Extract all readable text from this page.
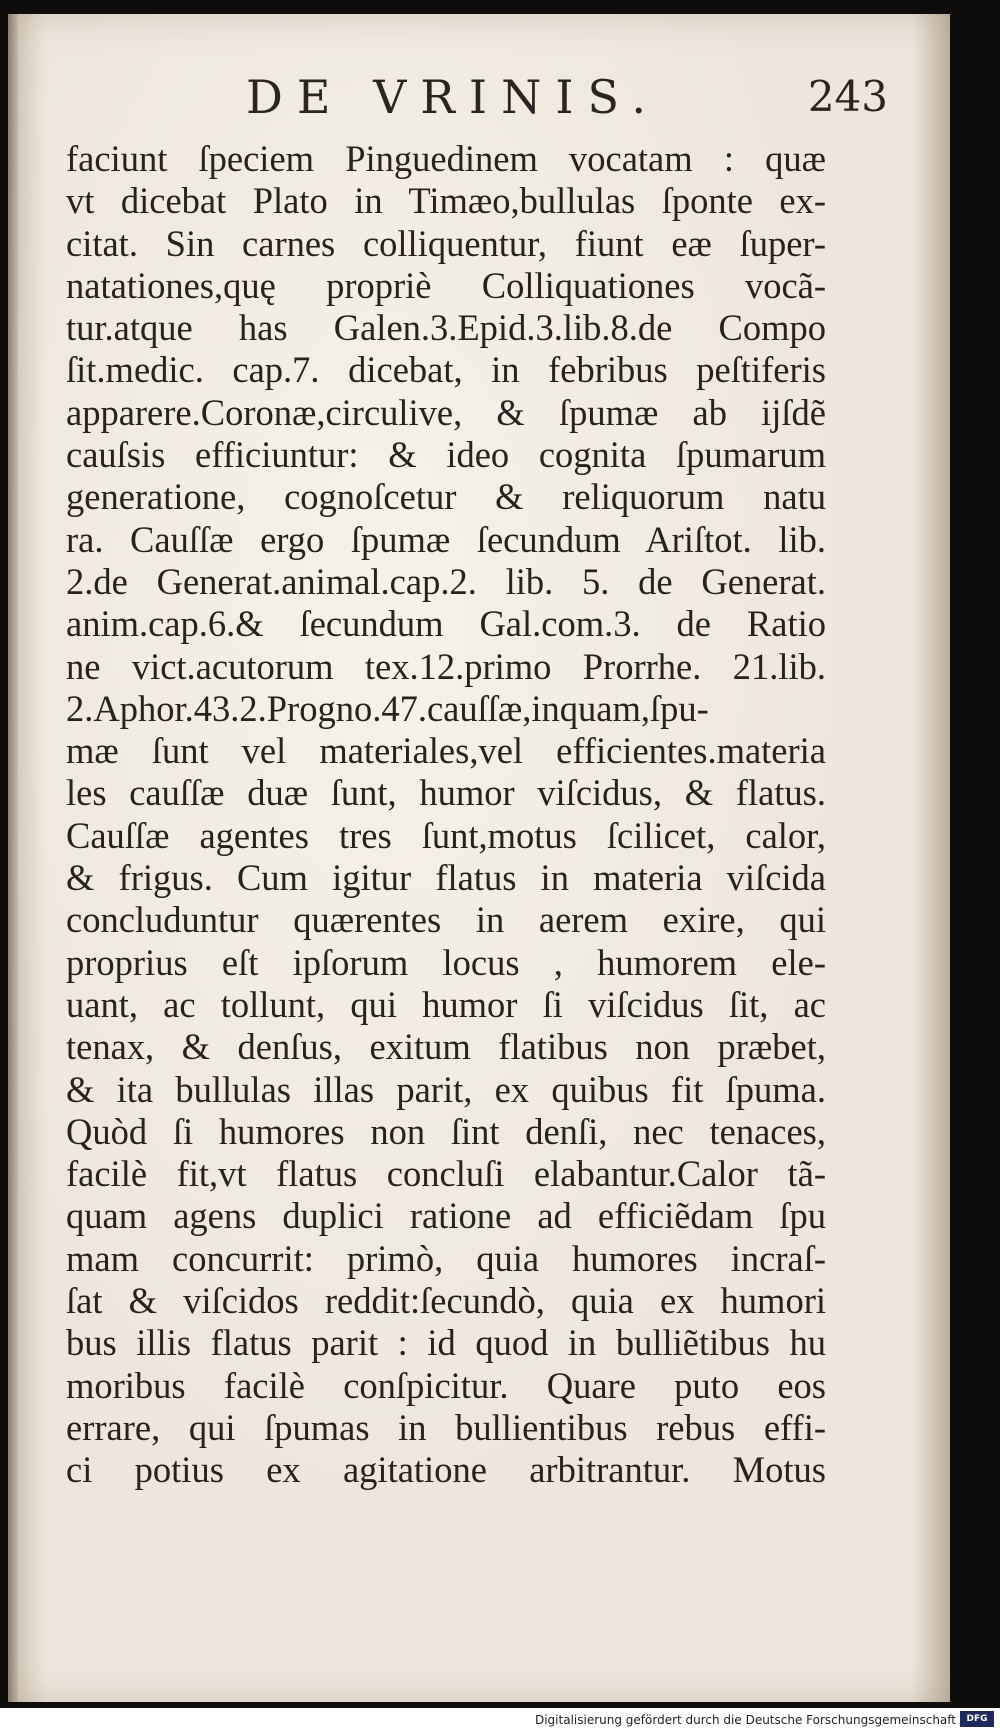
DE VRINIS.	243
faciunt ſpeciem Pinguedinem vocatam : quæ
vt dicebat Plato in Timæo,bullulas ſponte ex-
citat. Sin carnes colliquentur, fiunt eæ ſuper-
natationes,quę propriè Colliquationes vocã-
tur.atque has Galen.3.Epid.3.lib.8.de Compo
ſit.medic. cap.7. dicebat, in febribus peſtiferis
apparere.Coronæ,circulive, & ſpumæ ab ijſdẽ
cauſsis efficiuntur: & ideo cognita ſpumarum
generatione, cognoſcetur & reliquorum natu
ra. Cauſſæ ergo ſpumæ ſecundum Ariſtot. lib.
2.de Generat.animal.cap.2. lib. 5. de Generat.
anim.cap.6.& ſecundum Gal.com.3. de Ratio
ne vict.acutorum tex.12.primo Prorrhe. 21.lib.
2.Aphor.43.2.Progno.47.cauſſæ,inquam,ſpu-
mæ ſunt vel materiales,vel efficientes.materia
les cauſſæ duæ ſunt, humor viſcidus, & flatus.
Cauſſæ agentes tres ſunt,motus ſcilicet, calor,
& frigus. Cum igitur flatus in materia viſcida
concluduntur quærentes in aerem exire, qui
proprius eſt ipſorum locus , humorem ele-
uant, ac tollunt, qui humor ſi viſcidus ſit, ac
tenax, & denſus, exitum flatibus non præbet,
& ita bullulas illas parit, ex quibus fit ſpuma.
Quòd ſi humores non ſint denſi, nec tenaces,
facilè fit,vt flatus concluſi elabantur.Calor tã-
quam agens duplici ratione ad efficiẽdam ſpu
mam concurrit: primò, quia humores incraſ-
ſat & viſcidos reddit:ſecundò, quia ex humori
bus illis flatus parit : id quod in bulliẽtibus hu
moribus facilè conſpicitur. Quare puto eos
errare, qui ſpumas in bullientibus rebus effi-
ci potius ex agitatione arbitrantur. Motus
Digitalisierung gefördert durch die Deutsche Forschungsgemeinschaft	DFG
